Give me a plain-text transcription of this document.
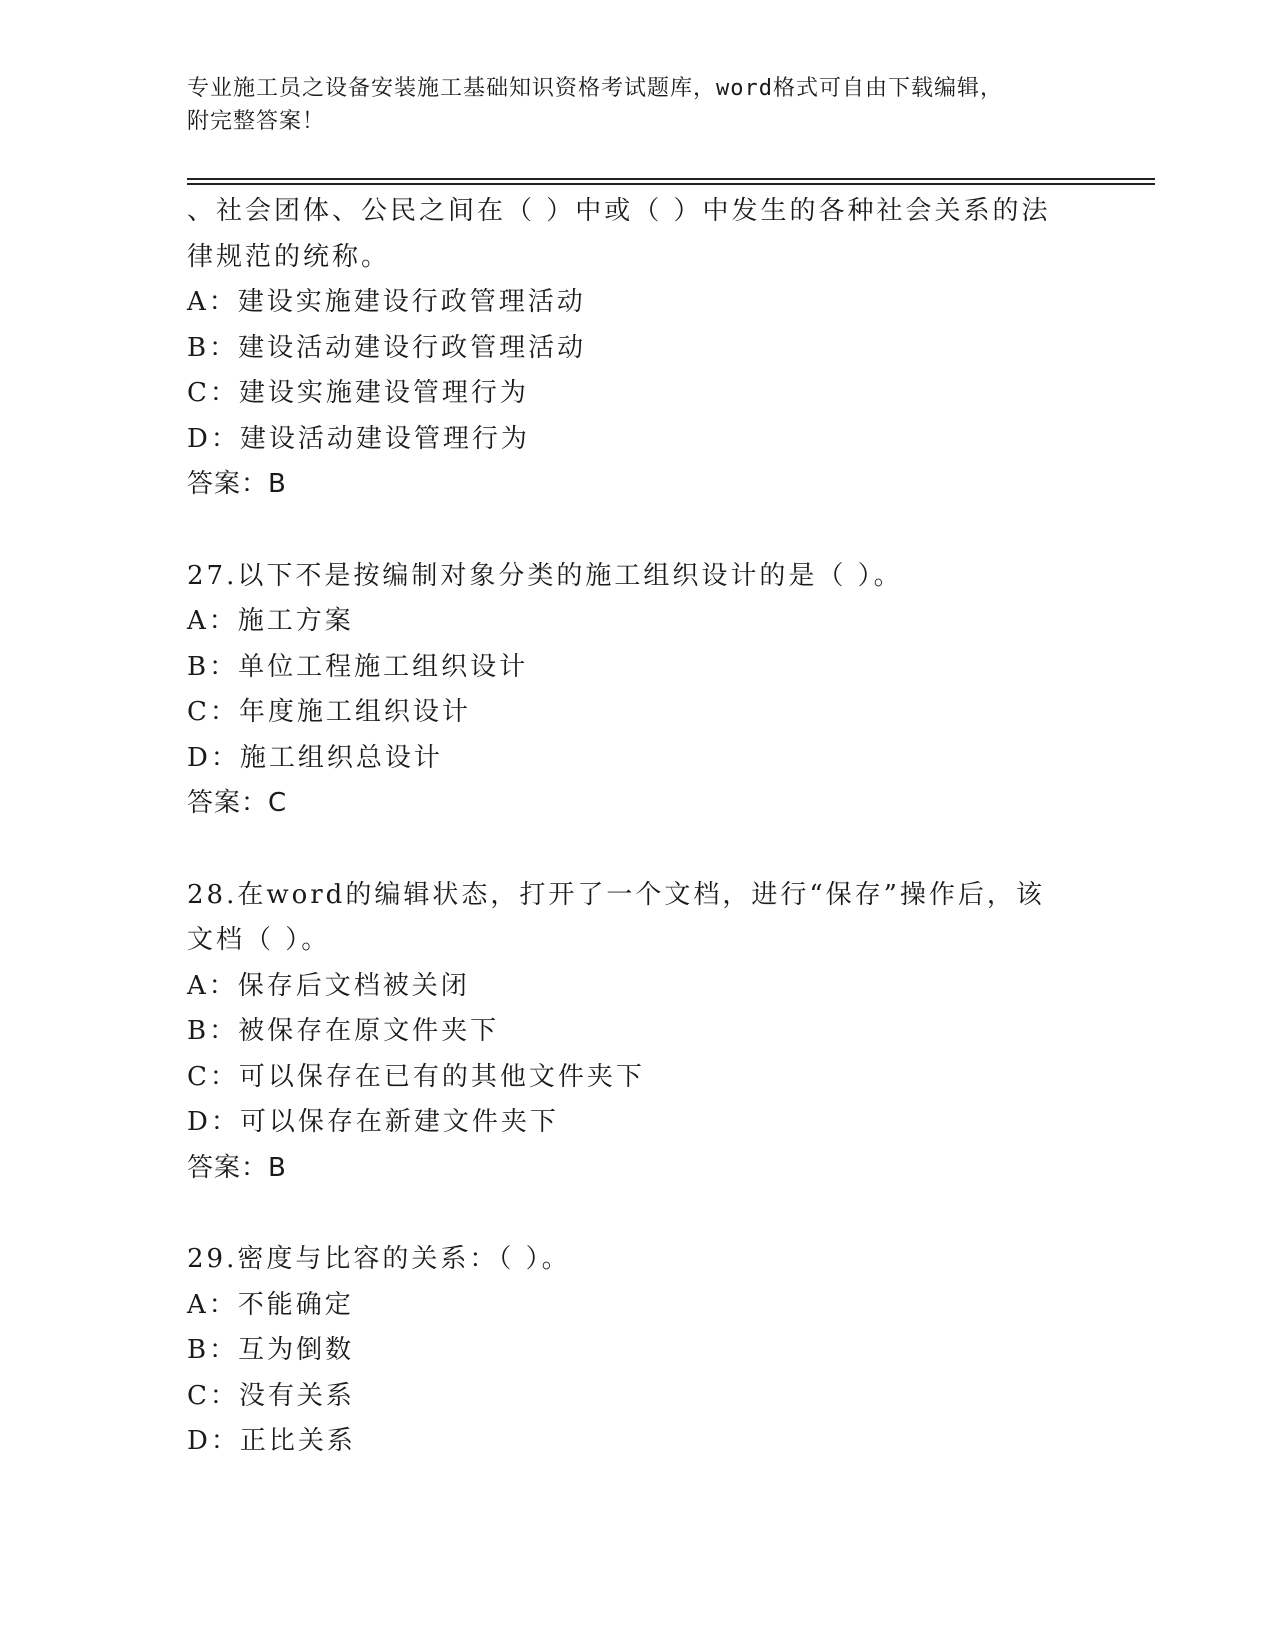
专业施工员之设备安装施工基础知识资格考试题库，word格式可自由下载编辑，
附完整答案！
、社会团体、公民之间在（ ）中或（ ）中发生的各种社会关系的法
律规范的统称。
A：建设实施建设行政管理活动
B：建设活动建设行政管理活动
C：建设实施建设管理行为
D：建设活动建设管理行为
答案：B
27.以下不是按编制对象分类的施工组织设计的是（ ）。
A：施工方案
B：单位工程施工组织设计
C：年度施工组织设计
D：施工组织总设计
答案：C
28.在word的编辑状态，打开了一个文档，进行“保存”操作后，该
文档（ ）。
A：保存后文档被关闭
B：被保存在原文件夹下
C：可以保存在已有的其他文件夹下
D：可以保存在新建文件夹下
答案：B
29.密度与比容的关系：（ ）。
A：不能确定
B：互为倒数
C：没有关系
D：正比关系
